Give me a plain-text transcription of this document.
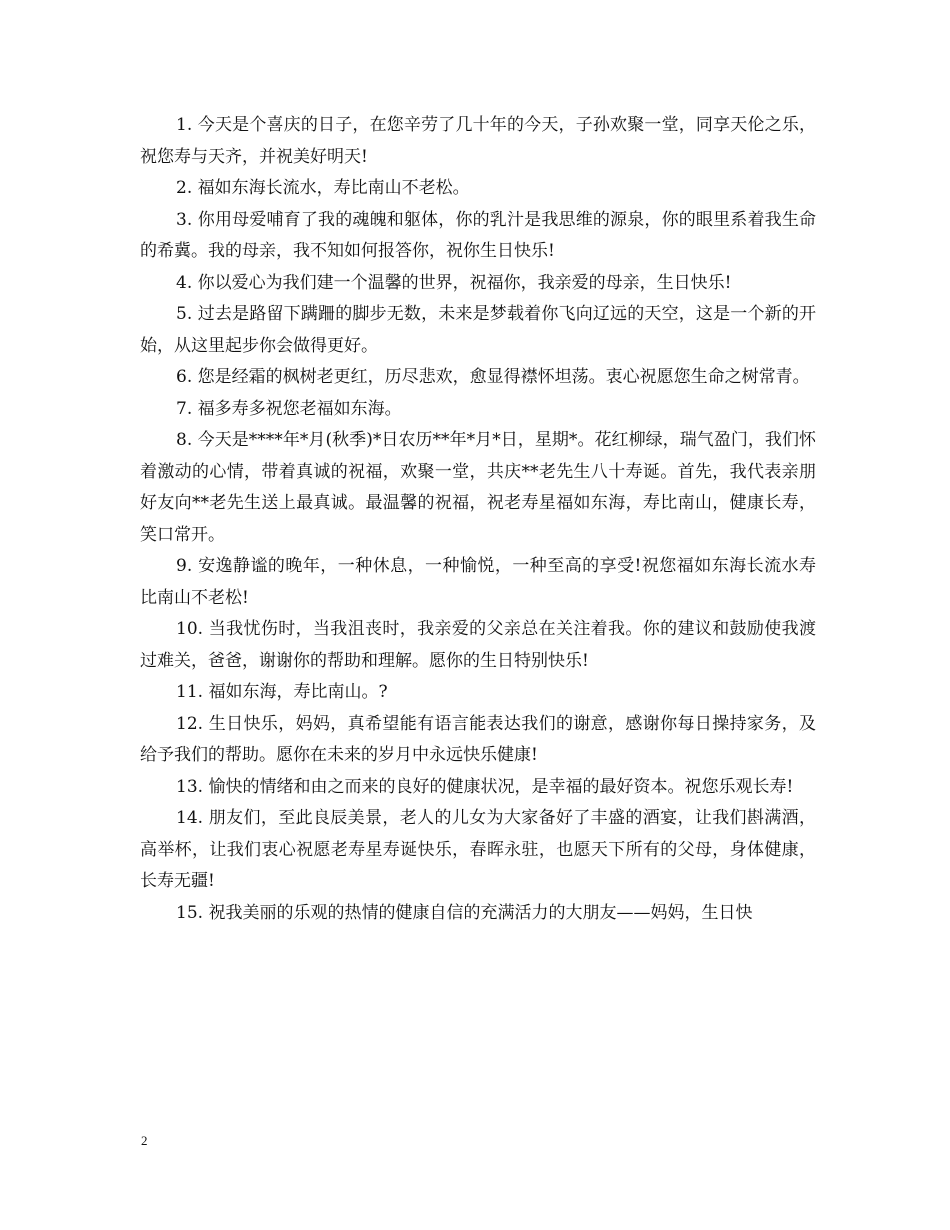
1. 今天是个喜庆的日子，在您辛劳了几十年的今天，子孙欢聚一堂，同享天伦之乐，祝您寿与天齐，并祝美好明天!

2. 福如东海长流水，寿比南山不老松。

3. 你用母爱哺育了我的魂魄和躯体，你的乳汁是我思维的源泉，你的眼里系着我生命的希冀。我的母亲，我不知如何报答你，祝你生日快乐!

4. 你以爱心为我们建一个温馨的世界，祝福你，我亲爱的母亲，生日快乐!

5. 过去是路留下蹒跚的脚步无数，未来是梦载着你飞向辽远的天空，这是一个新的开始，从这里起步你会做得更好。

6. 您是经霜的枫树老更红，历尽悲欢，愈显得襟怀坦荡。衷心祝愿您生命之树常青。

7. 福多寿多祝您老福如东海。

8. 今天是****年*月(秋季)*日农历**年*月*日，星期*。花红柳绿，瑞气盈门，我们怀着激动的心情，带着真诚的祝福，欢聚一堂，共庆**老先生八十寿诞。首先，我代表亲朋好友向**老先生送上最真诚。最温馨的祝福，祝老寿星福如东海，寿比南山，健康长寿，笑口常开。

9. 安逸静谧的晚年，一种休息，一种愉悦，一种至高的享受!祝您福如东海长流水寿比南山不老松!

10. 当我忧伤时，当我沮丧时，我亲爱的父亲总在关注着我。你的建议和鼓励使我渡过难关，爸爸，谢谢你的帮助和理解。愿你的生日特别快乐!

11. 福如东海，寿比南山。?

12. 生日快乐，妈妈，真希望能有语言能表达我们的谢意，感谢你每日操持家务，及给予我们的帮助。愿你在未来的岁月中永远快乐健康!

13. 愉快的情绪和由之而来的良好的健康状况，是幸福的最好资本。祝您乐观长寿!

14. 朋友们，至此良辰美景，老人的儿女为大家备好了丰盛的酒宴，让我们斟满酒，高举杯，让我们衷心祝愿老寿星寿诞快乐，春晖永驻，也愿天下所有的父母，身体健康，长寿无疆!

15. 祝我美丽的乐观的热情的健康自信的充满活力的大朋友——妈妈，生日快

2
